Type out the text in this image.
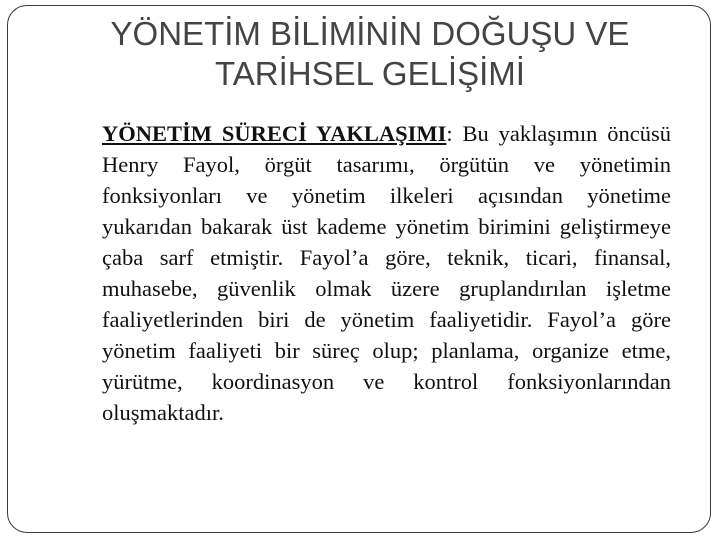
YÖNETİM BİLİMİNİN DOĞUŞU VE
TARİHSEL GELİŞİMİ

YÖNETİM SÜRECİ YAKLAŞIMI: Bu yaklaşımın öncüsü Henry Fayol, örgüt tasarımı, örgütün ve yönetimin fonksiyonları ve yönetim ilkeleri açısından yönetime yukarıdan bakarak üst kademe yönetim birimini geliştirmeye çaba sarf etmiştir. Fayol’a göre, teknik, ticari, finansal, muhasebe, güvenlik olmak üzere gruplandırılan işletme faaliyetlerinden biri de yönetim faaliyetidir. Fayol’a göre yönetim faaliyeti bir süreç olup; planlama, organize etme, yürütme, koordinasyon ve kontrol fonksiyonlarından oluşmaktadır.
